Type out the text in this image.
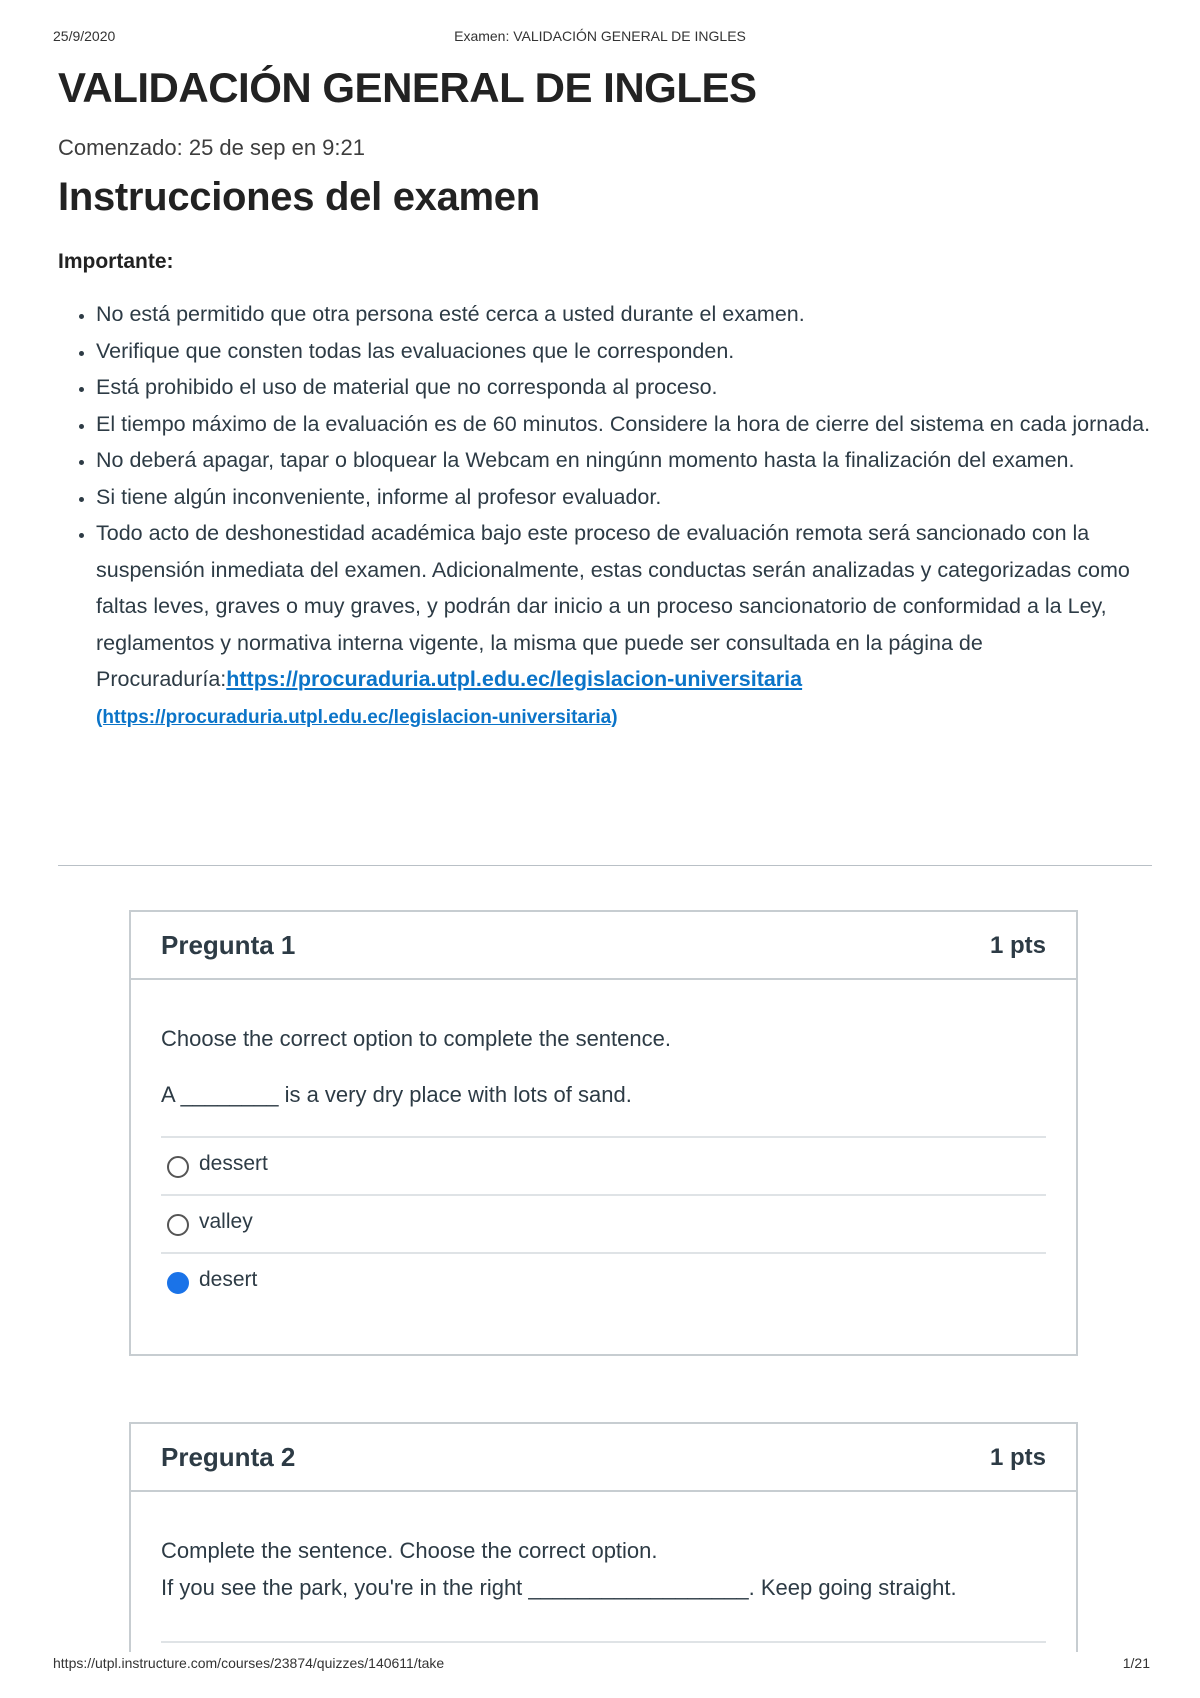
25/9/2020	Examen: VALIDACIÓN GENERAL DE INGLES
VALIDACIÓN GENERAL DE INGLES
Comenzado: 25 de sep en 9:21
Instrucciones del examen
Importante:
• No está permitido que otra persona esté cerca a usted durante el examen.
• Verifique que consten todas las evaluaciones que le corresponden.
• Está prohibido el uso de material que no corresponda al proceso.
• El tiempo máximo de la evaluación es de 60 minutos. Considere la hora de cierre del sistema en cada jornada.
• No deberá apagar, tapar o bloquear la Webcam en ningúnn momento hasta la finalización del examen.
• Si tiene algún inconveniente, informe al profesor evaluador.
• Todo acto de deshonestidad académica bajo este proceso de evaluación remota será sancionado con la suspensión inmediata del examen. Adicionalmente, estas conductas serán analizadas y categorizadas como faltas leves, graves o muy graves, y podrán dar inicio a un proceso sancionatorio de conformidad a la Ley, reglamentos y normativa interna vigente, la misma que puede ser consultada en la página de Procuraduría:https://procuraduria.utpl.edu.ec/legislacion-universitaria
(https://procuraduria.utpl.edu.ec/legislacion-universitaria)
Pregunta 1	1 pts

Choose the correct option to complete the sentence.

A ________ is a very dry place with lots of sand.

dessert
valley
desert
Pregunta 2	1 pts

Complete the sentence. Choose the correct option.

If you see the park, you're in the right __________________. Keep going straight.

https://utpl.instructure.com/courses/23874/quizzes/140611/take	1/21
